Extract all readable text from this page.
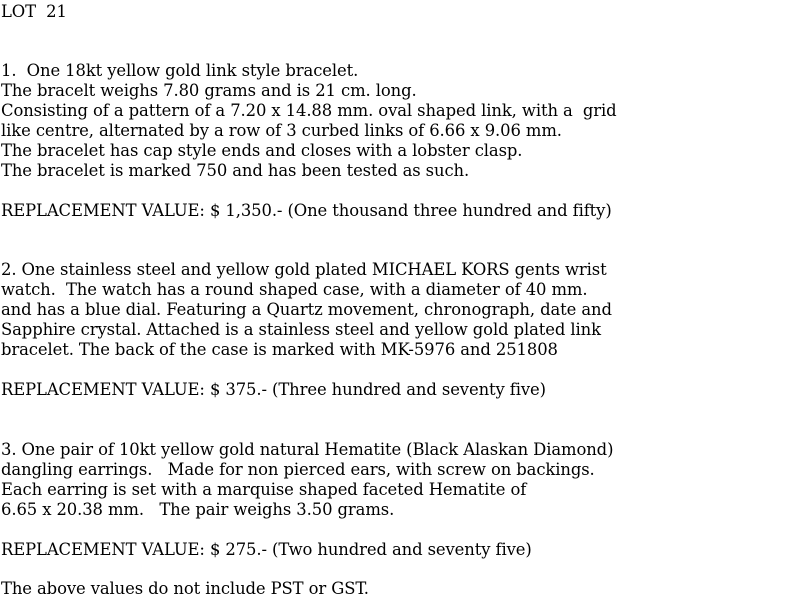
LOT  21
1.  One 18kt yellow gold link style bracelet.
The bracelt weighs 7.80 grams and is 21 cm. long.
Consisting of a pattern of a 7.20 x 14.88 mm. oval shaped link, with a  grid
like centre, alternated by a row of 3 curbed links of 6.66 x 9.06 mm.
The bracelet has cap style ends and closes with a lobster clasp.
The bracelet is marked 750 and has been tested as such.
REPLACEMENT VALUE: $ 1,350.- (One thousand three hundred and fifty)
2. One stainless steel and yellow gold plated MICHAEL KORS gents wrist
watch.  The watch has a round shaped case, with a diameter of 40 mm.
and has a blue dial. Featuring a Quartz movement, chronograph, date and
Sapphire crystal. Attached is a stainless steel and yellow gold plated link
bracelet. The back of the case is marked with MK-5976 and 251808
REPLACEMENT VALUE: $ 375.- (Three hundred and seventy five)
3. One pair of 10kt yellow gold natural Hematite (Black Alaskan Diamond)
dangling earrings.   Made for non pierced ears, with screw on backings.
Each earring is set with a marquise shaped faceted Hematite of
6.65 x 20.38 mm.   The pair weighs 3.50 grams.
REPLACEMENT VALUE: $ 275.- (Two hundred and seventy five)
The above values do not include PST or GST.
